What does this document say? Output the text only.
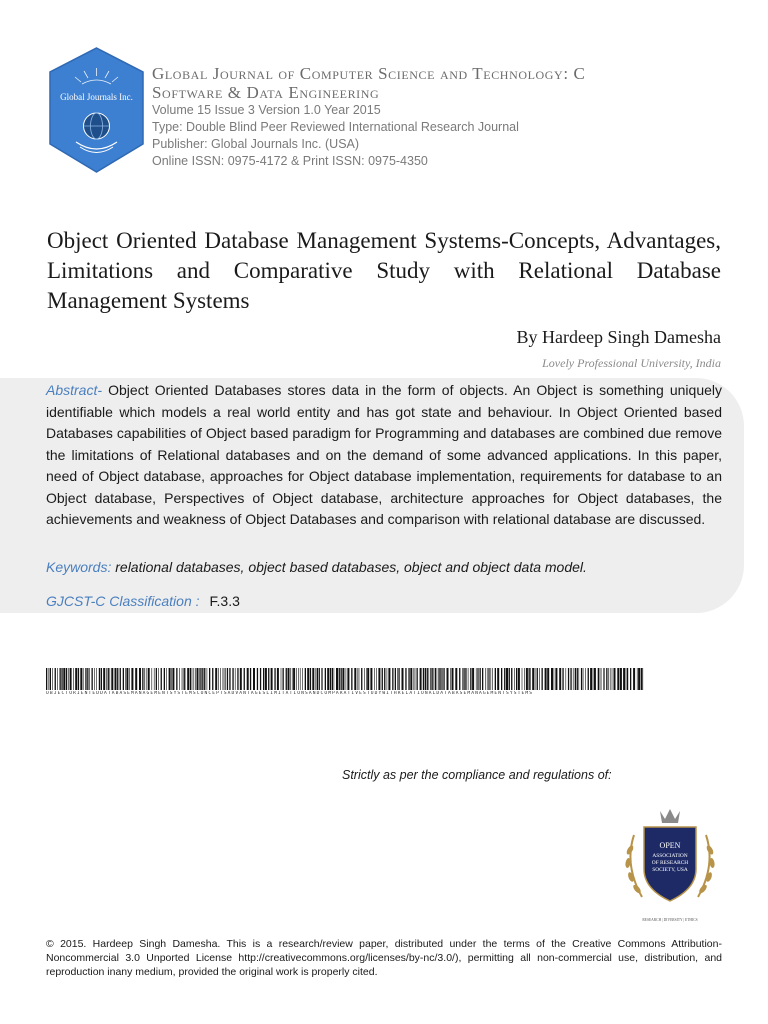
Global Journals Inc.
Global Journal of Computer Science and Technology: C
Software & Data Engineering
Volume 15 Issue 3 Version 1.0 Year 2015
Type: Double Blind Peer Reviewed International Research Journal
Publisher: Global Journals Inc. (USA)
Online ISSN: 0975-4172 & Print ISSN: 0975-4350
Object Oriented Database Management Systems-Concepts, Advantages, Limitations and Comparative Study with Relational Database Management Systems
By Hardeep Singh Damesha
Lovely Professional University, India

Abstract- Object Oriented Databases stores data in the form of objects. An Object is something uniquely identifiable which models a real world entity and has got state and behaviour. In Object Oriented based Databases capabilities of Object based paradigm for Programming and databases are combined due remove the limitations of Relational databases and on the demand of some advanced applications. In this paper, need of Object database, approaches for Object database implementation, requirements for database to an Object database, Perspectives of Object database, architecture approaches for Object databases, the achievements and weakness of Object Databases and comparison with relational database are discussed.

Keywords: relational databases, object based databases, object and object data model.
GJCST-C Classification : F.3.3
OBJECTORIENTEDDATABASEMANAGEMENTSYSTEMSCONCEPTSADVANTAGESLIMITATIONSANDCOMPARATIVESTUDYWITHRELATIONALDATABASEMANAGEMENTSYSTEMS
Strictly as per the compliance and regulations of:
OPEN
ASSOCIATION
OF RESEARCH
SOCIETY, USA
RESEARCH | DIVERSITY | ETHICS
© 2015. Hardeep Singh Damesha. This is a research/review paper, distributed under the terms of the Creative Commons Attribution-Noncommercial 3.0 Unported License http://creativecommons.org/licenses/by-nc/3.0/), permitting all non-commercial use, distribution, and reproduction inany medium, provided the original work is properly cited.
